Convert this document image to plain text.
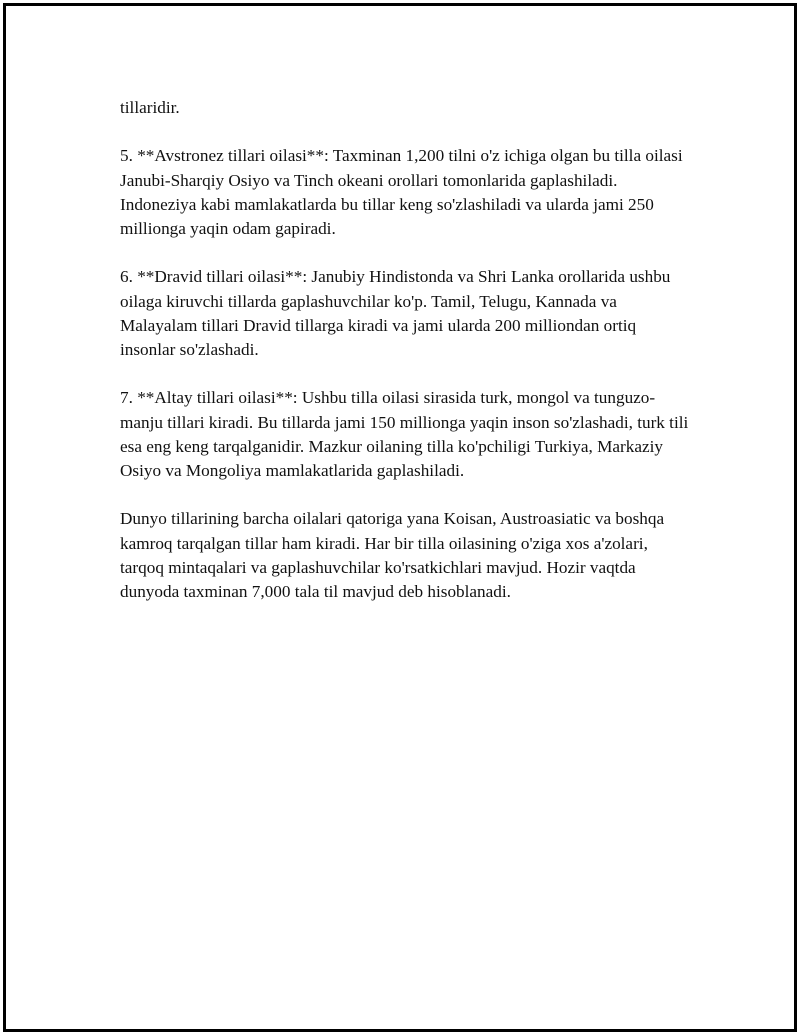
tillaridir.

5. **Avstronez tillari oilasi**: Taxminan 1,200 tilni o'z ichiga olgan bu tilla oilasi Janubi-Sharqiy Osiyo va Tinch okeani orollari tomonlarida gaplashiladi. Indoneziya kabi mamlakatlarda bu tillar keng so'zlashiladi va ularda jami 250 millionga yaqin odam gapiradi.

6. **Dravid tillari oilasi**: Janubiy Hindistonda va Shri Lanka orollarida ushbu oilaga kiruvchi tillarda gaplashuvchilar ko'p. Tamil, Telugu, Kannada va Malayalam tillari Dravid tillarga kiradi va jami ularda 200 milliondan ortiq insonlar so'zlashadi.

7. **Altay tillari oilasi**: Ushbu tilla oilasi sirasida turk, mongol va tunguzo-manju tillari kiradi. Bu tillarda jami 150 millionga yaqin inson so'zlashadi, turk tili esa eng keng tarqalganidir. Mazkur oilaning tilla ko'pchiligi Turkiya, Markaziy Osiyo va Mongoliya mamlakatlarida gaplashiladi.

Dunyo tillarining barcha oilalari qatoriga yana Koisan, Austroasiatic va boshqa kamroq tarqalgan tillar ham kiradi. Har bir tilla oilasining o'ziga xos a'zolari, tarqoq mintaqalari va gaplashuvchilar ko'rsatkichlari mavjud. Hozir vaqtda dunyoda taxminan 7,000 tala til mavjud deb hisoblanadi.
